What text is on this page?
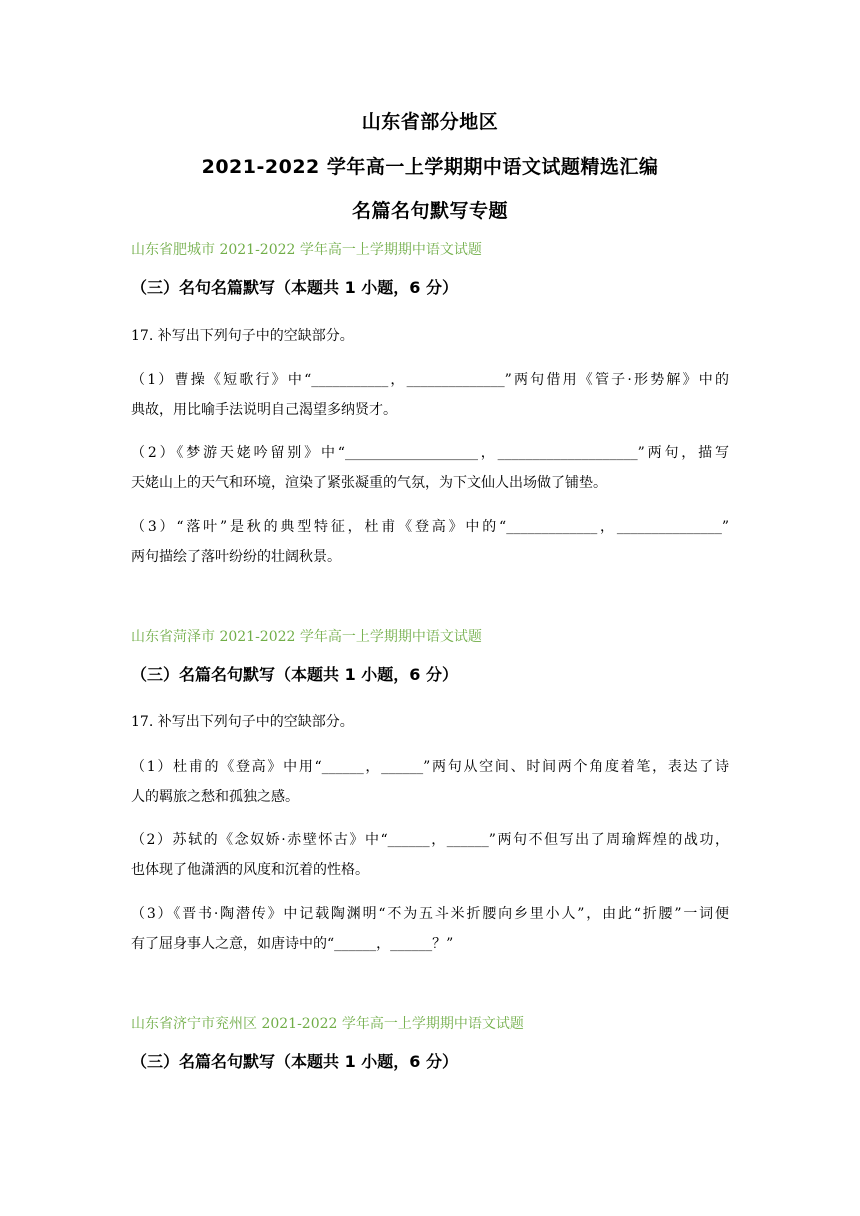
山东省部分地区
2021-2022 学年高一上学期期中语文试题精选汇编
名篇名句默写专题
山东省肥城市 2021-2022 学年高一上学期期中语文试题
（三）名句名篇默写（本题共 1 小题，6 分）
17. 补写出下列句子中的空缺部分。
（1）曹操《短歌行》中“___________，______________”两句借用《管子·形势解》中的
典故，用比喻手法说明自己渴望多纳贤才。
（2）《梦游天姥吟留别》中“___________________，____________________”两句，描写
天姥山上的天气和环境，渲染了紧张凝重的气氛，为下文仙人出场做了铺垫。
（3）“落叶”是秋的典型特征，杜甫《登高》中的“_____________，_______________”
两句描绘了落叶纷纷的壮阔秋景。
山东省菏泽市 2021-2022 学年高一上学期期中语文试题
（三）名篇名句默写（本题共 1 小题，6 分）
17. 补写出下列句子中的空缺部分。
（1）杜甫的《登高》中用“______，______”两句从空间、时间两个角度着笔，表达了诗
人的羁旅之愁和孤独之感。
（2）苏轼的《念奴娇·赤壁怀古》中“______，______”两句不但写出了周瑜辉煌的战功，
也体现了他潇洒的风度和沉着的性格。
（3）《晋书·陶潜传》中记载陶渊明“不为五斗米折腰向乡里小人”，由此“折腰”一词便
有了屈身事人之意，如唐诗中的“______，______？”
山东省济宁市兖州区 2021-2022 学年高一上学期期中语文试题
（三）名篇名句默写（本题共 1 小题，6 分）
